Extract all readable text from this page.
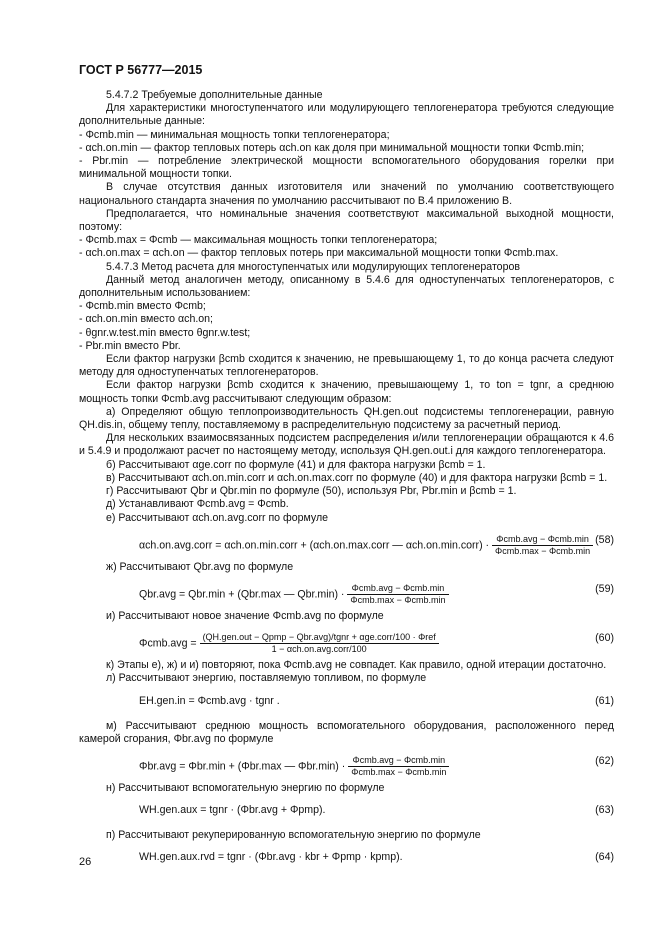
ГОСТ Р 56777—2015

5.4.7.2 Требуемые дополнительные данные

Для характеристики многоступенчатого или модулирующего теплогенератора требуются следующие дополнительные данные:

- Φcmb.min — минимальная мощность топки теплогенератора;

- αch.on.min — фактор тепловых потерь αch.on как доля при минимальной мощности топки Φcmb.min;

- Pbr.min — потребление электрической мощности вспомогательного оборудования горелки при минимальной мощности топки.

В случае отсутствия данных изготовителя или значений по умолчанию соответствующего национального стандарта значения по умолчанию рассчитывают по В.4 приложению В.

Предполагается, что номинальные значения соответствуют максимальной выходной мощности, поэтому:

- Φcmb.max = Φcmb — максимальная мощность топки теплогенератора;

- αch.on.max = αch.on — фактор тепловых потерь при максимальной мощности топки Φcmb.max.

5.4.7.3 Метод расчета для многоступенчатых или модулирующих теплогенераторов

Данный метод аналогичен методу, описанному в 5.4.6 для одноступенчатых теплогенераторов, с дополнительным использованием:

- Φcmb.min вместо Φcmb;

- αch.on.min вместо αch.on;

- θgnr.w.test.min вместо θgnr.w.test;

- Pbr.min вместо Pbr.

Если фактор нагрузки βcmb сходится к значению, не превышающему 1, то до конца расчета следуют методу для одноступенчатых теплогенераторов.

Если фактор нагрузки βcmb сходится к значению, превышающему 1, то ton = tgnr, а среднюю мощность топки Φcmb.avg рассчитывают следующим образом:

а) Определяют общую теплопроизводительность QH.gen.out подсистемы теплогенерации, равную QH.dis.in, общему теплу, поставляемому в распределительную подсистему за расчетный период.

Для нескольких взаимосвязанных подсистем распределения и/или теплогенерации обращаются к 4.6 и 5.4.9 и продолжают расчет по настоящему методу, используя QH.gen.out.i для каждого теплогенератора.

б) Рассчитывают αge.corr по формуле (41) и для фактора нагрузки βcmb = 1.

в) Рассчитывают αch.on.min.corr и αch.on.max.corr по формуле (40) и для фактора нагрузки βcmb = 1.

г) Рассчитывают Qbr и Qbr.min по формуле (50), используя Pbr, Pbr.min и βcmb = 1.

д) Устанавливают Φcmb.avg = Φcmb.

е) Рассчитывают αch.on.avg.corr по формуле

αch.on.avg.corr = αch.on.min.corr + (αch.on.max.corr — αch.on.min.corr) · $\frac{\text{Φcmb.avg − Φcmb.min}}{\text{Φcmb.max − Φcmb.min}} (58)$

ж) Рассчитывают Qbr.avg по формуле

Qbr.avg = Qbr.min + (Qbr.max — $Qbr.\min) \cdot \frac{\text{Φcmb.avg − Φcmb.min}}{\text{Φcmb.max − Φcmb.min}}$	(59)

и) Рассчитывают новое значение Φcmb.avg по формуле

$\Phi cmb.avg = \frac{\text{(QH.gen.out − Qpmp − Qbr.avg)/tgnr + αge.corr/100 · Φref}}{\text{1 − αch.on.avg.corr/100}}$	(60)

к) Этапы е), ж) и и) повторяют, пока Φcmb.avg не совпадет. Как правило, одной итерации достаточно.

л) Рассчитывают энергию, поставляемую топливом, по формуле

EH.gen.in = Φcmb.avg · tgnr .	(61)

м) Рассчитывают среднюю мощность вспомогательного оборудования, расположенного перед камерой сгорания, Φbr.avg по формуле

Φbr.avg = Φbr.min + (Φbr.max — $\Phi br.\min) \cdot \frac{\text{Φcmb.avg − Φcmb.min}}{\text{Φcmb.max − Φcmb.min}}$	(62)

н) Рассчитывают вспомогательную энергию по формуле

WH.gen.aux = tgnr · (Φbr.avg + Φpmp).	(63)

п) Рассчитывают рекуперированную вспомогательную энергию по формуле

WH.gen.aux.rvd = tgnr · (Φbr.avg · kbr + Φpmp · kpmp).	(64)
26
